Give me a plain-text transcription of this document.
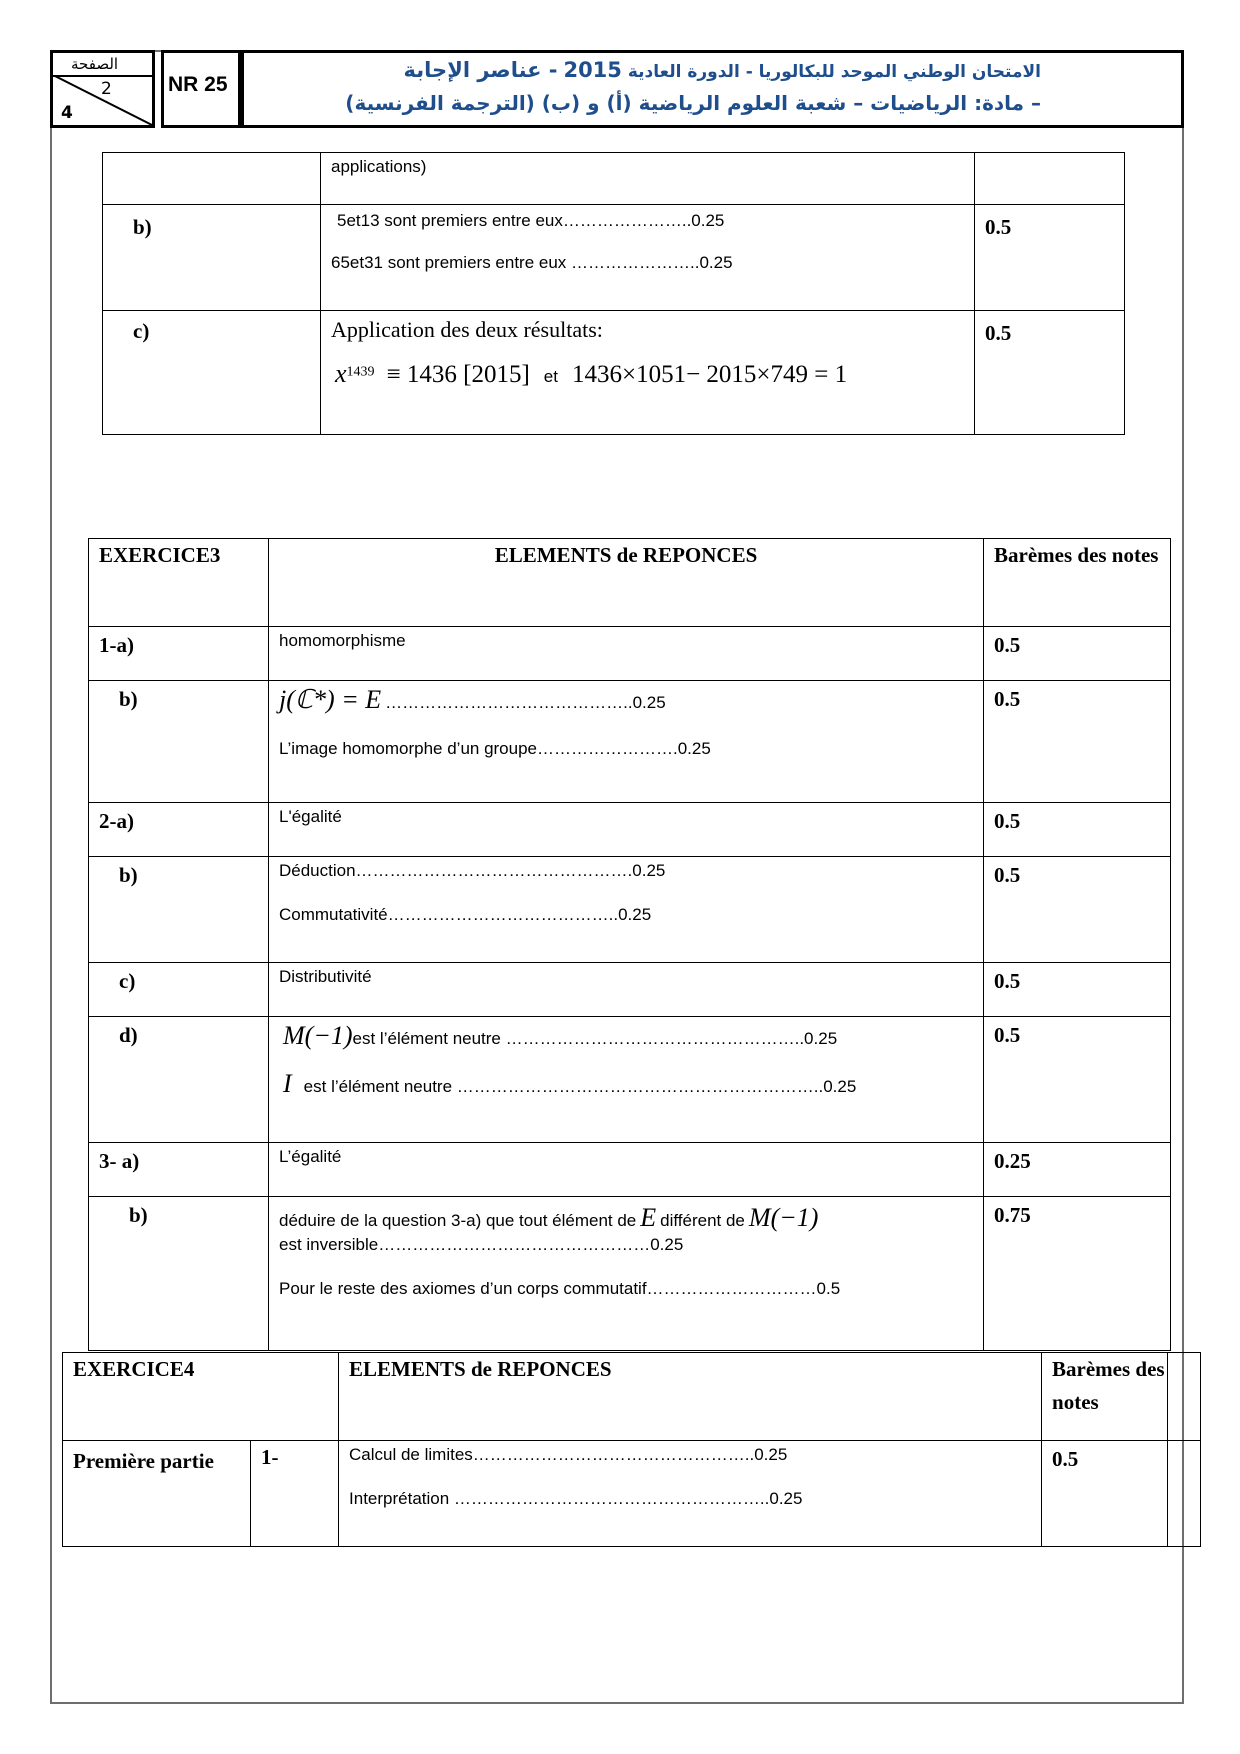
الصفحة
2
4
NR 25
الامتحان الوطني الموحد للبكالوريا - الدورة العادية 2015 - عناصر الإجابة
– مادة: الرياضيات – شعبة العلوم الرياضية (أ) و (ب) (الترجمة الفرنسية)

	applications)	

b)	5et13 sont premiers entre eux…………………..0.25
65et31 sont premiers entre eux …………………..0.25	0.5

c)	Application des deux résultats:
$x^{1439} \equiv 1436$ [2015] et 1436×1051− 2015×749 = 1	0.5
EXERCICE3	ELEMENTS de REPONCES	Barèmes des notes

1-a)	homomorphisme	0.5

b)	j(ℂ*) = E ……………………………………..0.25
L’image homomorphe d’un groupe…………………….0.25	0.5

2-a)	L'égalité	0.5

b)	Déduction………………………………………….0.25
Commutativité…………………………………..0.25	0.5

c)	Distributivité	0.5

d)	M(−1)est l’élément neutre ……………………………………………..0.25
I est l’élément neutre ………………………………………………………..0.25	0.5

3- a)	L’égalité	0.25

b)	déduire de la question 3-a) que tout élément de E différent de M(−1)
est inversible…………………………………………0.25
Pour le reste des axiomes d’un corps commutatif…………………………0.5	0.75
EXERCICE4		ELEMENTS de REPONCES	Barèmes des notes	

Première partie	1-	Calcul de limites…………………………………………..0.25
Interprétation ………………………………………………..0.25	0.5	
